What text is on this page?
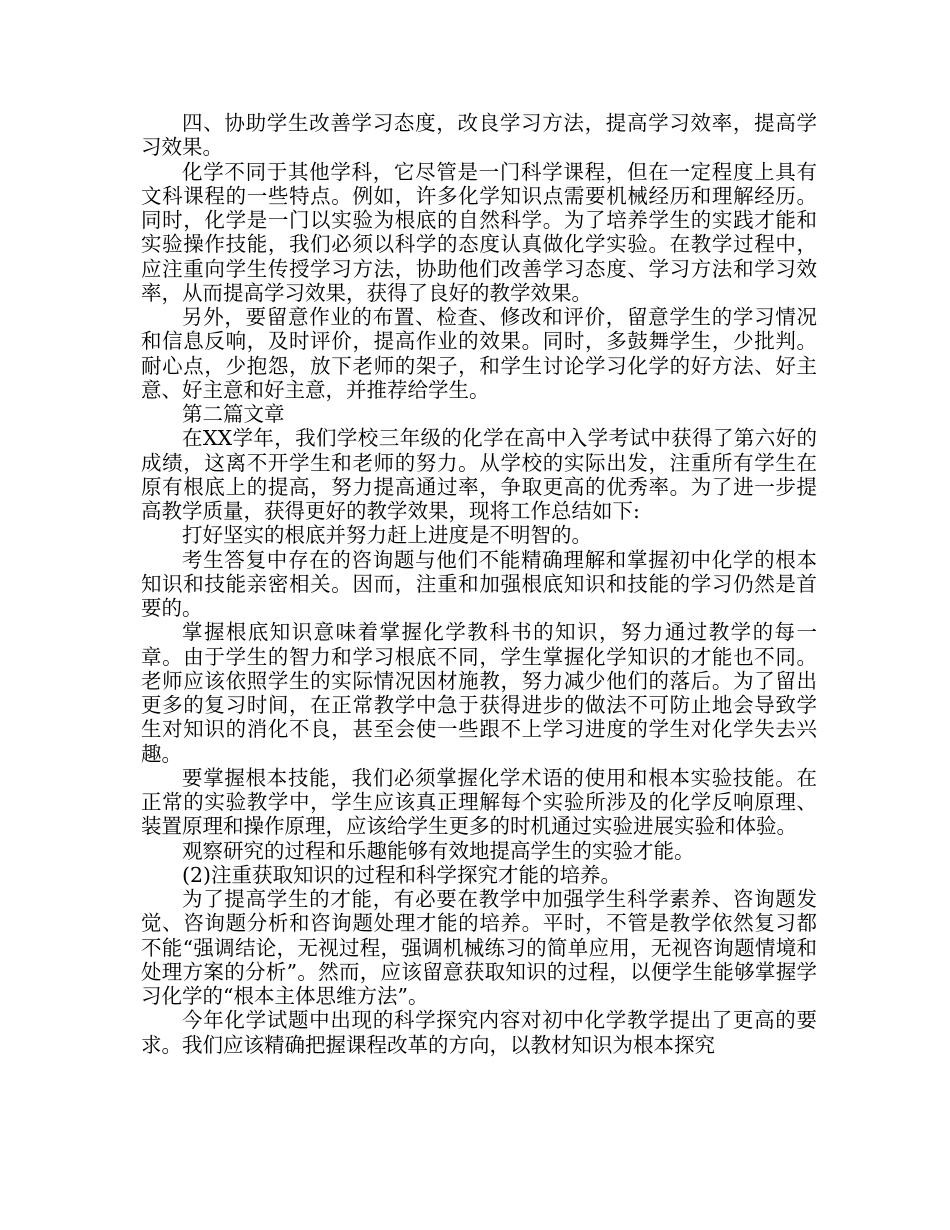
四、协助学生改善学习态度，改良学习方法，提高学习效率，提高学习效果。

化学不同于其他学科，它尽管是一门科学课程，但在一定程度上具有文科课程的一些特点。例如，许多化学知识点需要机械经历和理解经历。同时，化学是一门以实验为根底的自然科学。为了培养学生的实践才能和实验操作技能，我们必须以科学的态度认真做化学实验。在教学过程中，应注重向学生传授学习方法，协助他们改善学习态度、学习方法和学习效率，从而提高学习效果，获得了良好的教学效果。

另外，要留意作业的布置、检查、修改和评价，留意学生的学习情况和信息反响，及时评价，提高作业的效果。同时，多鼓舞学生，少批判。耐心点，少抱怨，放下老师的架子，和学生讨论学习化学的好方法、好主意、好主意和好主意，并推荐给学生。

第二篇文章

在XX学年，我们学校三年级的化学在高中入学考试中获得了第六好的成绩，这离不开学生和老师的努力。从学校的实际出发，注重所有学生在原有根底上的提高，努力提高通过率，争取更高的优秀率。为了进一步提高教学质量，获得更好的教学效果，现将工作总结如下:

打好坚实的根底并努力赶上进度是不明智的。

考生答复中存在的咨询题与他们不能精确理解和掌握初中化学的根本知识和技能亲密相关。因而，注重和加强根底知识和技能的学习仍然是首要的。

掌握根底知识意味着掌握化学教科书的知识，努力通过教学的每一章。由于学生的智力和学习根底不同，学生掌握化学知识的才能也不同。老师应该依照学生的实际情况因材施教，努力减少他们的落后。为了留出更多的复习时间，在正常教学中急于获得进步的做法不可防止地会导致学生对知识的消化不良，甚至会使一些跟不上学习进度的学生对化学失去兴趣。

要掌握根本技能，我们必须掌握化学术语的使用和根本实验技能。在正常的实验教学中，学生应该真正理解每个实验所涉及的化学反响原理、装置原理和操作原理，应该给学生更多的时机通过实验进展实验和体验。

观察研究的过程和乐趣能够有效地提高学生的实验才能。

(2)注重获取知识的过程和科学探究才能的培养。

为了提高学生的才能，有必要在教学中加强学生科学素养、咨询题发觉、咨询题分析和咨询题处理才能的培养。平时，不管是教学依然复习都不能“强调结论，无视过程，强调机械练习的简单应用，无视咨询题情境和处理方案的分析”。然而，应该留意获取知识的过程，以便学生能够掌握学习化学的“根本主体思维方法”。

今年化学试题中出现的科学探究内容对初中化学教学提出了更高的要求。我们应该精确把握课程改革的方向，以教材知识为根本探究
